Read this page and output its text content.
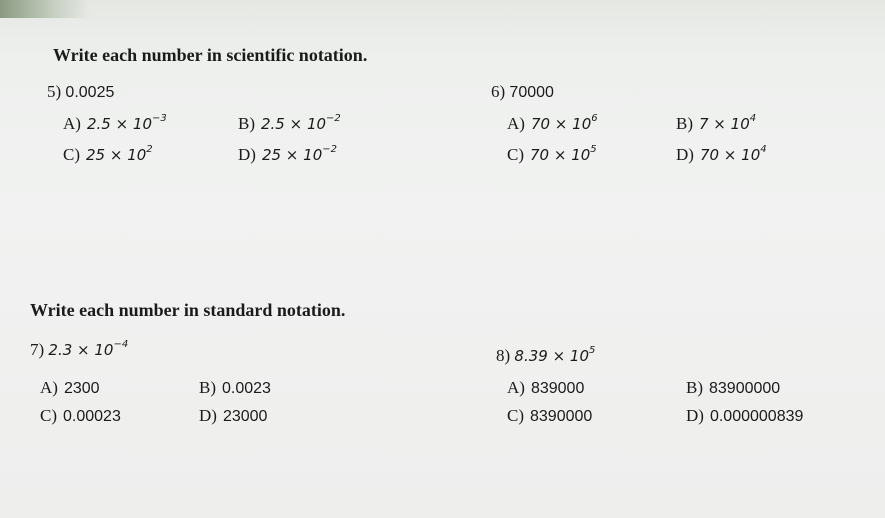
Write each number in scientific notation.
5) 0.0025
A) $2.5 \times 10^{-3}$	B) $2.5 \times 10^{-2}$
C) $25 \times 10^2$	D) $25 \times 10^{-2}$
6) 70000
A) $70 \times 10^6$	B) $7 \times 10^4$
C) $70 \times 10^5$	D) $70 \times 10^4$
Write each number in standard notation.
7) $2.3 \times 10^{-4}$
A) 2300	B) 0.0023
C) 0.00023	D) 23000
8) $8.39 \times 10^5$
A) 839000	B) 83900000
C) 8390000	D) 0.000000839
